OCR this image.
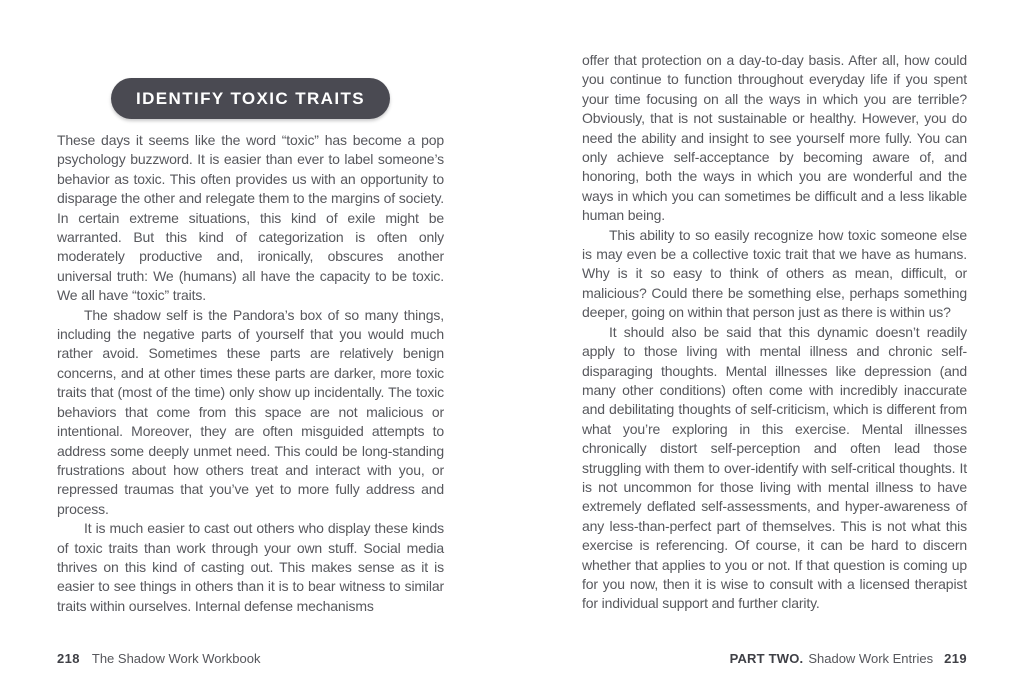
IDENTIFY TOXIC TRAITS

These days it seems like the word “toxic” has become a pop psychology buzzword. It is easier than ever to label someone’s behavior as toxic. This often provides us with an opportunity to disparage the other and relegate them to the margins of society. In certain extreme situations, this kind of exile might be warranted. But this kind of categorization is often only moderately productive and, ironically, obscures another universal truth: We (humans) all have the capacity to be toxic. We all have “toxic” traits.

The shadow self is the Pandora’s box of so many things, including the negative parts of yourself that you would much rather avoid. Sometimes these parts are relatively benign concerns, and at other times these parts are darker, more toxic traits that (most of the time) only show up incidentally. The toxic behaviors that come from this space are not malicious or intentional. Moreover, they are often misguided attempts to address some deeply unmet need. This could be long-standing frustrations about how others treat and interact with you, or repressed traumas that you’ve yet to more fully address and process.

It is much easier to cast out others who display these kinds of toxic traits than work through your own stuff. Social media thrives on this kind of casting out. This makes sense as it is easier to see things in others than it is to bear witness to similar traits within ourselves. Internal defense mechanisms

218 The Shadow Work Workbook

offer that protection on a day-to-day basis. After all, how could you continue to function throughout everyday life if you spent your time focusing on all the ways in which you are terrible? Obviously, that is not sustainable or healthy. However, you do need the ability and insight to see yourself more fully. You can only achieve self-acceptance by becoming aware of, and honoring, both the ways in which you are wonderful and the ways in which you can sometimes be difficult and a less likable human being.

This ability to so easily recognize how toxic someone else is may even be a collective toxic trait that we have as humans. Why is it so easy to think of others as mean, difficult, or malicious? Could there be something else, perhaps something deeper, going on within that person just as there is within us?

It should also be said that this dynamic doesn’t readily apply to those living with mental illness and chronic self-disparaging thoughts. Mental illnesses like depression (and many other conditions) often come with incredibly inaccurate and debilitating thoughts of self-criticism, which is different from what you’re exploring in this exercise. Mental illnesses chronically distort self-perception and often lead those struggling with them to over-identify with self-critical thoughts. It is not uncommon for those living with mental illness to have extremely deflated self-assessments, and hyper-awareness of any less-than-perfect part of themselves. This is not what this exercise is referencing. Of course, it can be hard to discern whether that applies to you or not. If that question is coming up for you now, then it is wise to consult with a licensed therapist for individual support and further clarity.

PART TWO. Shadow Work Entries 219
